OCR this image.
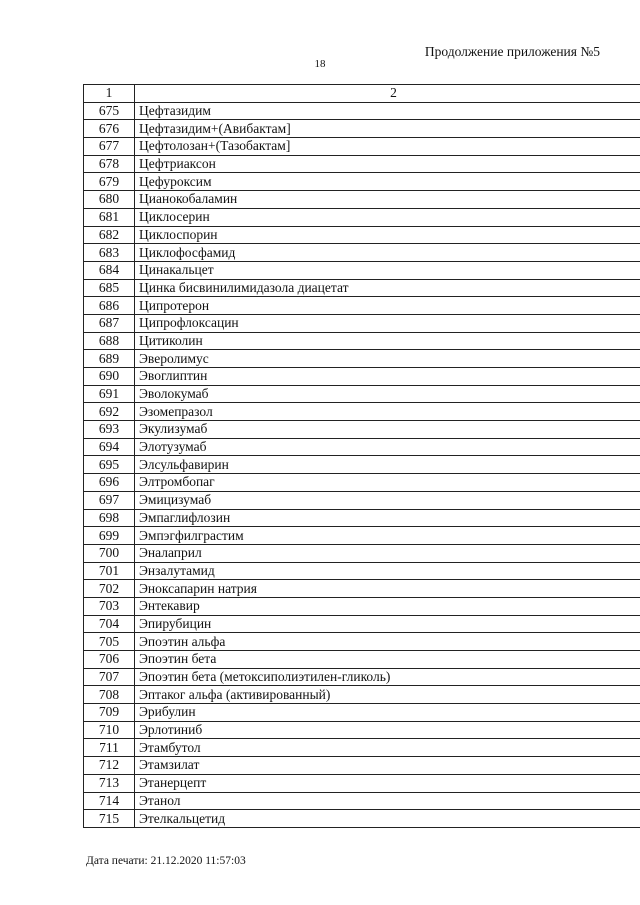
Продолжение приложения №5
18
1	2
675	Цефтазидим
676	Цефтазидим+(Авибактам]
677	Цефтолозан+(Тазобактам]
678	Цефтриаксон
679	Цефуроксим
680	Цианокобаламин
681	Циклосерин
682	Циклоспорин
683	Циклофосфамид
684	Цинакальцет
685	Цинка бисвинилимидазола диацетат
686	Ципротерон
687	Ципрофлоксацин
688	Цитиколин
689	Эверолимус
690	Эвоглиптин
691	Эволокумаб
692	Эзомепразол
693	Экулизумаб
694	Элотузумаб
695	Элсульфавирин
696	Элтромбопаг
697	Эмицизумаб
698	Эмпаглифлозин
699	Эмпэгфилграстим
700	Эналаприл
701	Энзалутамид
702	Эноксапарин натрия
703	Энтекавир
704	Эпирубицин
705	Эпоэтин альфа
706	Эпоэтин бета
707	Эпоэтин бета (метоксиполиэтилен-гликоль)
708	Эптаког альфа (активированный)
709	Эрибулин
710	Эрлотиниб
711	Этамбутол
712	Этамзилат
713	Этанерцепт
714	Этанол
715	Этелкальцетид
Дата печати: 21.12.2020 11:57:03
